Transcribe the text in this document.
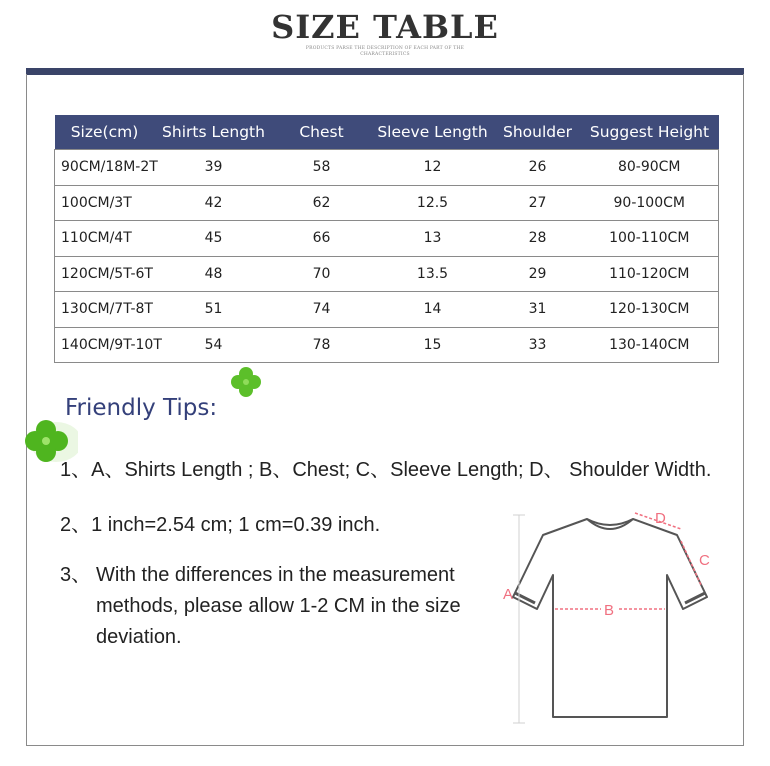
SIZE TABLE
PRODUCTS PARSE THE DESCRIPTION OF EACH PART OF THE CHARACTERISTICS
Size(cm)	Shirts Length	Chest	Sleeve Length	Shoulder	Suggest Height
90CM/18M-2T	39	58	12	26	80-90CM
100CM/3T	42	62	12.5	27	90-100CM
110CM/4T	45	66	13	28	100-110CM
120CM/5T-6T	48	70	13.5	29	110-120CM
130CM/7T-8T	51	74	14	31	120-130CM
140CM/9T-10T	54	78	15	33	130-140CM
Friendly Tips:
1、A、Shirts Length ; B、Chest; C、Sleeve Length; D、 Shoulder Width.
2、1 inch=2.54 cm; 1 cm=0.39 inch.
3、 With the differences in the measurement methods, please allow 1-2 CM in the size deviation.
A
B
C
D
